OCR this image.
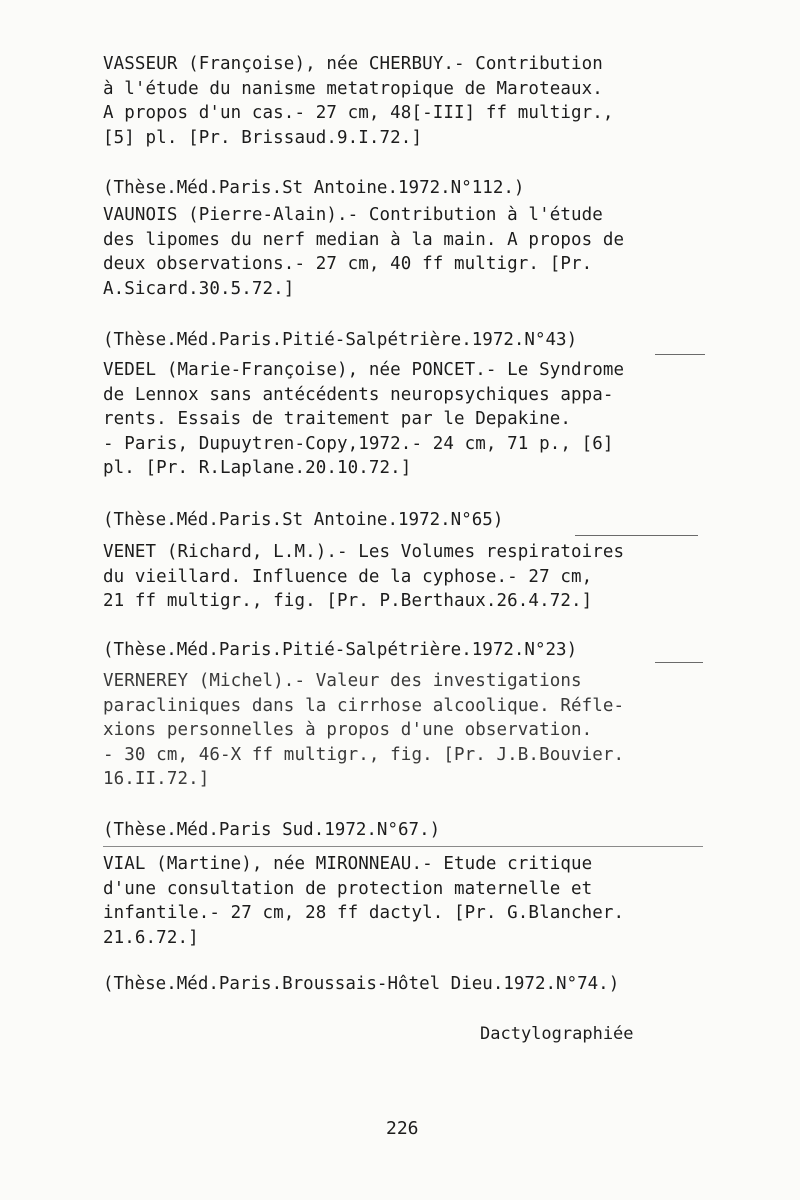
VASSEUR (Françoise), née CHERBUY.- Contribution
à l'étude du nanisme metatropique de Maroteaux.
A propos d'un cas.- 27 cm, 48[-III] ff multigr.,
[5] pl. [Pr. Brissaud.9.I.72.]
(Thèse.Méd.Paris.St Antoine.1972.N°112.)
VAUNOIS (Pierre-Alain).- Contribution à l'étude
des lipomes du nerf median à la main. A propos de
deux observations.- 27 cm, 40 ff multigr. [Pr.
A.Sicard.30.5.72.]
(Thèse.Méd.Paris.Pitié-Salpétrière.1972.N°43)
VEDEL (Marie-Françoise), née PONCET.- Le Syndrome
de Lennox sans antécédents neuropsychiques appa-
rents. Essais de traitement par le Depakine.
- Paris, Dupuytren-Copy,1972.- 24 cm, 71 p., [6]
pl. [Pr. R.Laplane.20.10.72.]
(Thèse.Méd.Paris.St Antoine.1972.N°65)
VENET (Richard, L.M.).- Les Volumes respiratoires
du vieillard. Influence de la cyphose.- 27 cm,
21 ff multigr., fig. [Pr. P.Berthaux.26.4.72.]
(Thèse.Méd.Paris.Pitié-Salpétrière.1972.N°23)
VERNEREY (Michel).- Valeur des investigations
paracliniques dans la cirrhose alcoolique. Réfle-
xions personnelles à propos d'une observation.
- 30 cm, 46-X ff multigr., fig. [Pr. J.B.Bouvier.
16.II.72.]
(Thèse.Méd.Paris Sud.1972.N°67.)
VIAL (Martine), née MIRONNEAU.- Etude critique
d'une consultation de protection maternelle et
infantile.- 27 cm, 28 ff dactyl. [Pr. G.Blancher.
21.6.72.]
(Thèse.Méd.Paris.Broussais-Hôtel Dieu.1972.N°74.)
Dactylographiée
226
